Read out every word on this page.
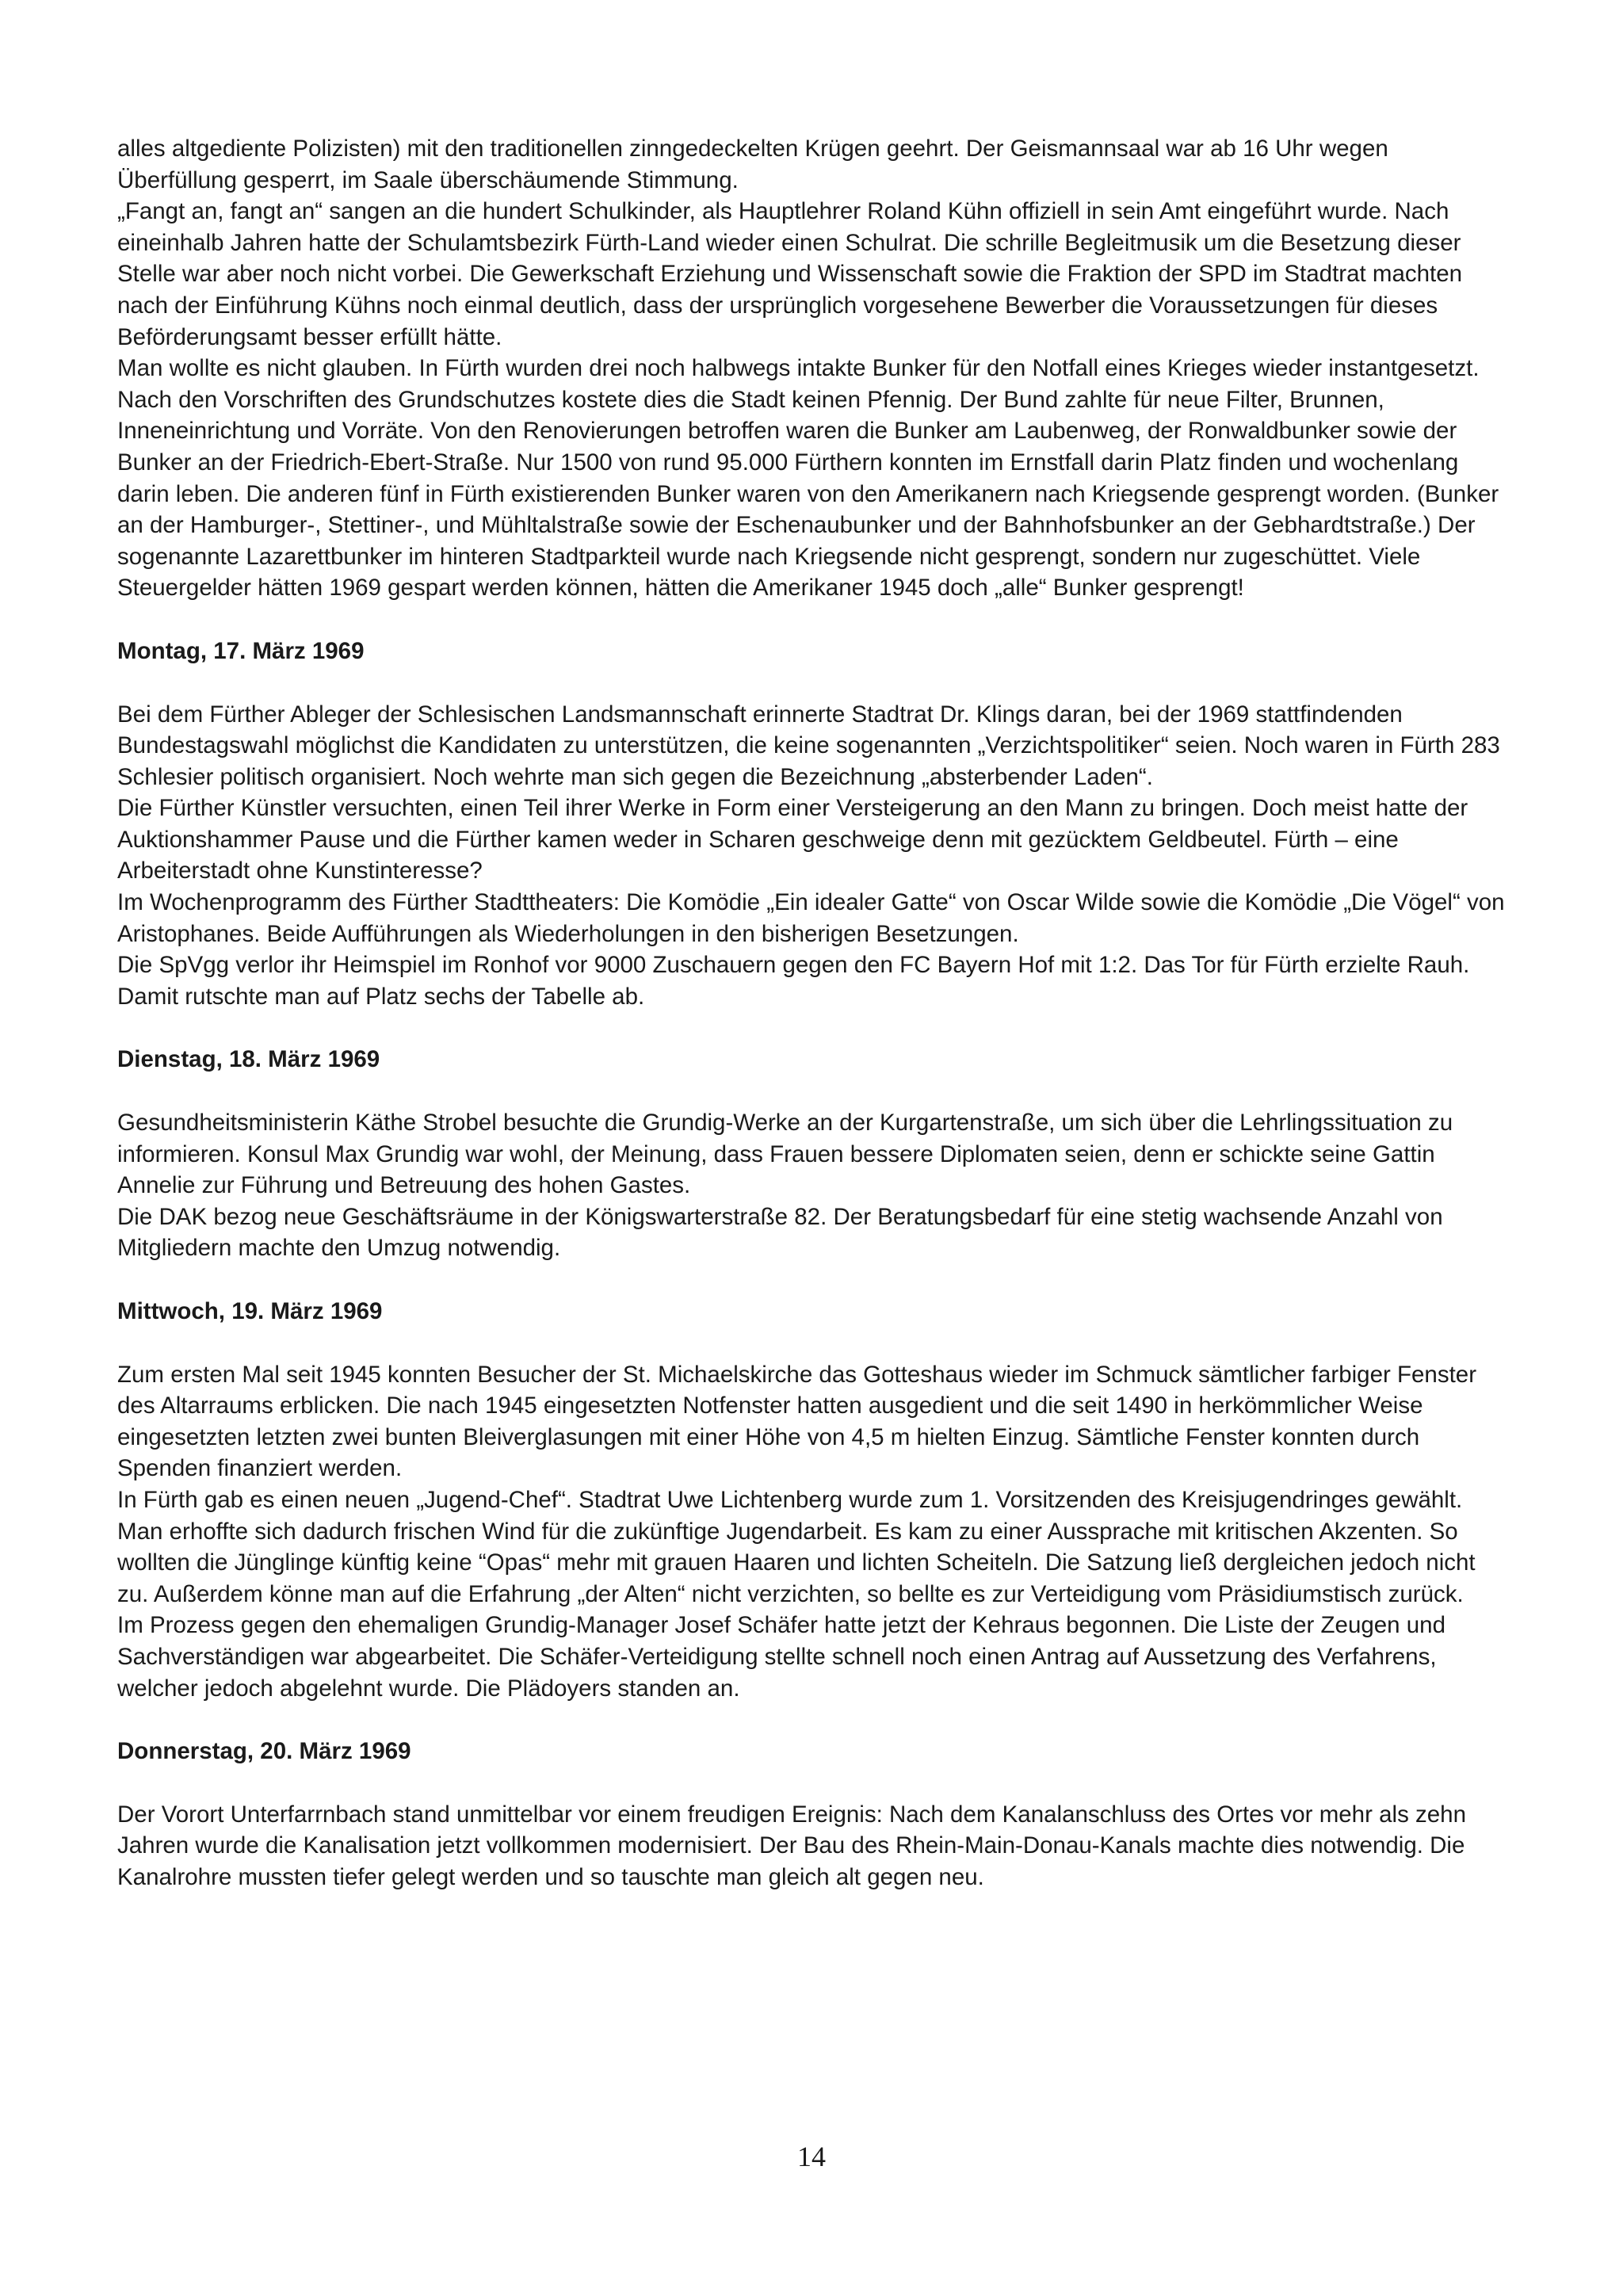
alles altgediente Polizisten) mit den traditionellen zinngedeckelten Krügen geehrt. Der Geismannsaal war ab 16 Uhr wegen Überfüllung gesperrt, im Saale überschäumende Stimmung.

„Fangt an, fangt an“ sangen an die hundert Schulkinder, als Hauptlehrer Roland Kühn offiziell in sein Amt eingeführt wurde. Nach eineinhalb Jahren hatte der Schulamtsbezirk Fürth-Land wieder einen Schulrat. Die schrille Begleitmusik um die Besetzung dieser Stelle war aber noch nicht vorbei. Die Gewerkschaft Erziehung und Wissenschaft sowie die Fraktion der SPD im Stadtrat machten nach der Einführung Kühns noch einmal deutlich, dass der ursprünglich vorgesehene Bewerber die Voraussetzungen für dieses Beförderungsamt besser erfüllt hätte.

Man wollte es nicht glauben. In Fürth wurden drei noch halbwegs intakte Bunker für den Notfall eines Krieges wieder instantgesetzt. Nach den Vorschriften des Grundschutzes kostete dies die Stadt keinen Pfennig. Der Bund zahlte für neue Filter, Brunnen, Inneneinrichtung und Vorräte. Von den Renovierungen betroffen waren die Bunker am Laubenweg, der Ronwaldbunker sowie der Bunker an der Friedrich-Ebert-Straße. Nur 1500 von rund 95.000 Fürthern konnten im Ernstfall darin Platz finden und wochenlang darin leben. Die anderen fünf in Fürth existierenden Bunker waren von den Amerikanern nach Kriegsende gesprengt worden. (Bunker an der Hamburger-, Stettiner-, und Mühltalstraße sowie der Eschenaubunker und der Bahnhofsbunker an der Gebhardtstraße.) Der sogenannte Lazarettbunker im hinteren Stadtparkteil wurde nach Kriegsende nicht gesprengt, sondern nur zugeschüttet. Viele Steuergelder hätten 1969 gespart werden können, hätten die Amerikaner 1945 doch „alle“ Bunker gesprengt!

Montag, 17. März 1969

Bei dem Fürther Ableger der Schlesischen Landsmannschaft erinnerte Stadtrat Dr. Klings daran, bei der 1969 stattfindenden Bundestagswahl möglichst die Kandidaten zu unterstützen, die keine sogenannten „Verzichtspolitiker“ seien. Noch waren in Fürth 283 Schlesier politisch organisiert. Noch wehrte man sich gegen die Bezeichnung „absterbender Laden“.

Die Fürther Künstler versuchten, einen Teil ihrer Werke in Form einer Versteigerung an den Mann zu bringen. Doch meist hatte der Auktionshammer Pause und die Fürther kamen weder in Scharen geschweige denn mit gezücktem Geldbeutel. Fürth – eine Arbeiterstadt ohne Kunstinteresse?

Im Wochenprogramm des Fürther Stadttheaters: Die Komödie „Ein idealer Gatte“ von Oscar Wilde sowie die Komödie „Die Vögel“ von Aristophanes. Beide Aufführungen als Wiederholungen in den bisherigen Besetzungen.

Die SpVgg verlor ihr Heimspiel im Ronhof vor 9000 Zuschauern gegen den FC Bayern Hof mit 1:2. Das Tor für Fürth erzielte Rauh. Damit rutschte man auf Platz sechs der Tabelle ab.

Dienstag, 18. März 1969

Gesundheitsministerin Käthe Strobel besuchte die Grundig-Werke an der Kurgartenstraße, um sich über die Lehrlingssituation zu informieren. Konsul Max Grundig war wohl, der Meinung, dass Frauen bessere Diplomaten seien, denn er schickte seine Gattin Annelie zur Führung und Betreuung des hohen Gastes.

Die DAK bezog neue Geschäftsräume in der Königswarterstraße 82. Der Beratungsbedarf für eine stetig wachsende Anzahl von Mitgliedern machte den Umzug notwendig.

Mittwoch, 19. März 1969

Zum ersten Mal seit 1945 konnten Besucher der St. Michaelskirche das Gotteshaus wieder im Schmuck sämtlicher farbiger Fenster des Altarraums erblicken. Die nach 1945 eingesetzten Notfenster hatten ausgedient und die seit 1490 in herkömmlicher Weise eingesetzten letzten zwei bunten Bleiverglasungen mit einer Höhe von 4,5 m hielten Einzug. Sämtliche Fenster konnten durch Spenden finanziert werden.

In Fürth gab es einen neuen „Jugend-Chef“. Stadtrat Uwe Lichtenberg wurde zum 1. Vorsitzenden des Kreisjugendringes gewählt. Man erhoffte sich dadurch frischen Wind für die zukünftige Jugendarbeit. Es kam zu einer Aussprache mit kritischen Akzenten. So wollten die Jünglinge künftig keine “Opas“ mehr mit grauen Haaren und lichten Scheiteln. Die Satzung ließ dergleichen jedoch nicht zu. Außerdem könne man auf die Erfahrung „der Alten“ nicht verzichten, so bellte es zur Verteidigung vom Präsidiumstisch zurück.

Im Prozess gegen den ehemaligen Grundig-Manager Josef Schäfer hatte jetzt der Kehraus begonnen. Die Liste der Zeugen und Sachverständigen war abgearbeitet. Die Schäfer-Verteidigung stellte schnell noch einen Antrag auf Aussetzung des Verfahrens, welcher jedoch abgelehnt wurde. Die Plädoyers standen an.

Donnerstag, 20. März 1969

Der Vorort Unterfarrnbach stand unmittelbar vor einem freudigen Ereignis: Nach dem Kanalanschluss des Ortes vor mehr als zehn Jahren wurde die Kanalisation jetzt vollkommen modernisiert. Der Bau des Rhein-Main-Donau-Kanals machte dies notwendig. Die Kanalrohre mussten tiefer gelegt werden und so tauschte man gleich alt gegen neu.

14
